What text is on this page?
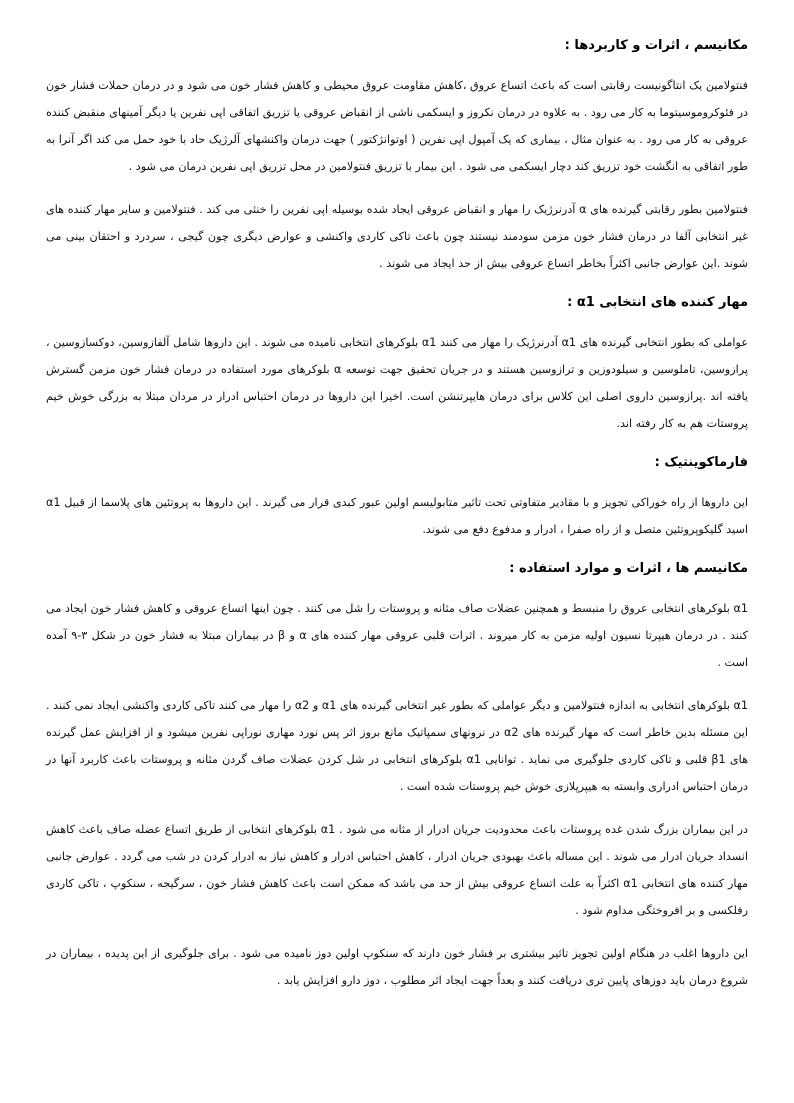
مکانیسم ، اثرات و کاربردها :

فنتولامین یک انتاگونیست رقابتی است که باعث اتساع عروق ،کاهش مقاومت عروق محیطی و کاهش فشار خون می شود و در درمان حملات فشار خون در فئوکروموسیتوما به کار می رود . به علاوه در درمان نکروز و ایسکمی ناشی از انقباض عروقی یا تزریق اتفاقی اپی نفرین یا دیگر آمینهای منقبض کننده عروقی به کار می رود . به عنوان مثال ، بیماری که یک آمپول اپی نفرین ( اوتوانژکتور ) جهت درمان واکنشهای آلرژیک حاد با خود حمل می کند اگر آنرا به طور اتفاقی به انگشت خود تزریق کند دچار ایسکمی می شود . این بیمار با تزریق فنتولامین در محل تزریق اپی نفرین درمان می شود .

فنتولامین بطور رقابتی گیرنده های α آدرنرژیک را مهار و انقباض عروقی ایجاد شده بوسیله اپی نفرین را خنثی می کند . فنتولامین و سایر مهار کننده های غیر انتخابی آلفا در درمان فشار خون مزمن سودمند نیستند چون باعث تاکی کاردی واکنشی و عوارض دیگری چون گیجی ، سردرد و احتقان بینی می شوند .این عوارض جانبی اکثراً بخاطر اتساع عروقی بیش از حد ایجاد می شوند .

مهار کننده های انتخابی α1 :

عواملی که بطور انتخابی گیرنده های α1 آدرنرژیک را مهار می کنند α1 بلوکرهای انتخابی نامیده می شوند . این داروها شامل آلفازوسین، دوکسازوسین ، پرازوسین، تاملوسین و سیلودوزین و ترازوسین هستند و در جریان تحقیق جهت توسعه α بلوکرهای مورد استفاده در درمان فشار خون مزمن گسترش یافته اند .پرازوسین داروی اصلی این کلاس برای درمان هایپرتنشن است. اخیرا این داروها در درمان احتباس ادرار در مردان مبتلا به بزرگی خوش خیم پروستات هم به کار رفته اند.

فارماکوینتیک :

این داروها از راه خوراکی تجویز و با مقادیر متفاوتی تحت تاثیر متابولیسم اولین عبور کبدی قرار می گیرند . این داروها به پروتئین های پلاسما از قبیل α1 اسید گلیکوپروتئین متصل و از راه صفرا ، ادرار و مدفوع دفع می شوند.

مکانیسم ها ، اثرات و موارد استفاده :

α1 بلوکرهای انتخابی عروق را منبسط و همچنین عضلات صاف مثانه و پروستات را شل می کنند . چون اینها اتساع عروقی و کاهش فشار خون ایجاد می کنند . در درمان هیپرتا نسیون اولیه مزمن به کار میروند . اثرات قلبی عروقی مهار کننده های α و β در بیماران مبتلا به فشار خون در شکل ۳-۹ آمده است .

α1 بلوکرهای انتخابی به اندازه فنتولامین و دیگر عواملی که بطور غیر انتخابی گیرنده های α1 و α2 را مهار می کنند تاکی کاردی واکنشی ایجاد نمی کنند . این مسئله بدین خاطر است که مهار گیرنده های α2 در نرونهای سمپاتیک مانع بروز اثر پس نورد مهاری نوراپی نفرین میشود و از افزایش عمل گیرنده های β1 قلبی و تاکی کاردی جلوگیری می نماید . توانایی α1 بلوکرهای انتخابی در شل کردن عضلات صاف گردن مثانه و پروستات باعث کاربرد آنها در درمان احتباس ادراری وابسته به هیپرپلازی خوش خیم پروستات شده است .

در این بیماران بزرگ شدن غده پروستات باعث محدودیت جریان ادرار از مثانه می شود . α1 بلوکرهای انتخابی از طریق اتساع عضله صاف باعث کاهش انسداد جریان ادرار می شوند . این مساله باعث بهبودی جریان ادرار ، کاهش احتباس ادرار و کاهش نیاز به ادرار کردن در شب می گردد . عوارض جانبی مهار کننده های انتخابی α1 اکثراً به علت اتساع عروقی بیش از حد می باشد که ممکن است باعث کاهش فشار خون ، سرگیجه ، سنکوپ ، تاکی کاردی رفلکسی و بر افروختگی مداوم شود .

این داروها اغلب در هنگام اولین تجویز تاثیر بیشتری بر فشار خون دارند که سنکوپ اولین دوز نامیده می شود . برای جلوگیری از این پدیده ، بیماران در شروع درمان باید دوزهای پایین تری دریافت کنند و بعداً جهت ایجاد اثر مطلوب ، دوز دارو افزایش یابد .
